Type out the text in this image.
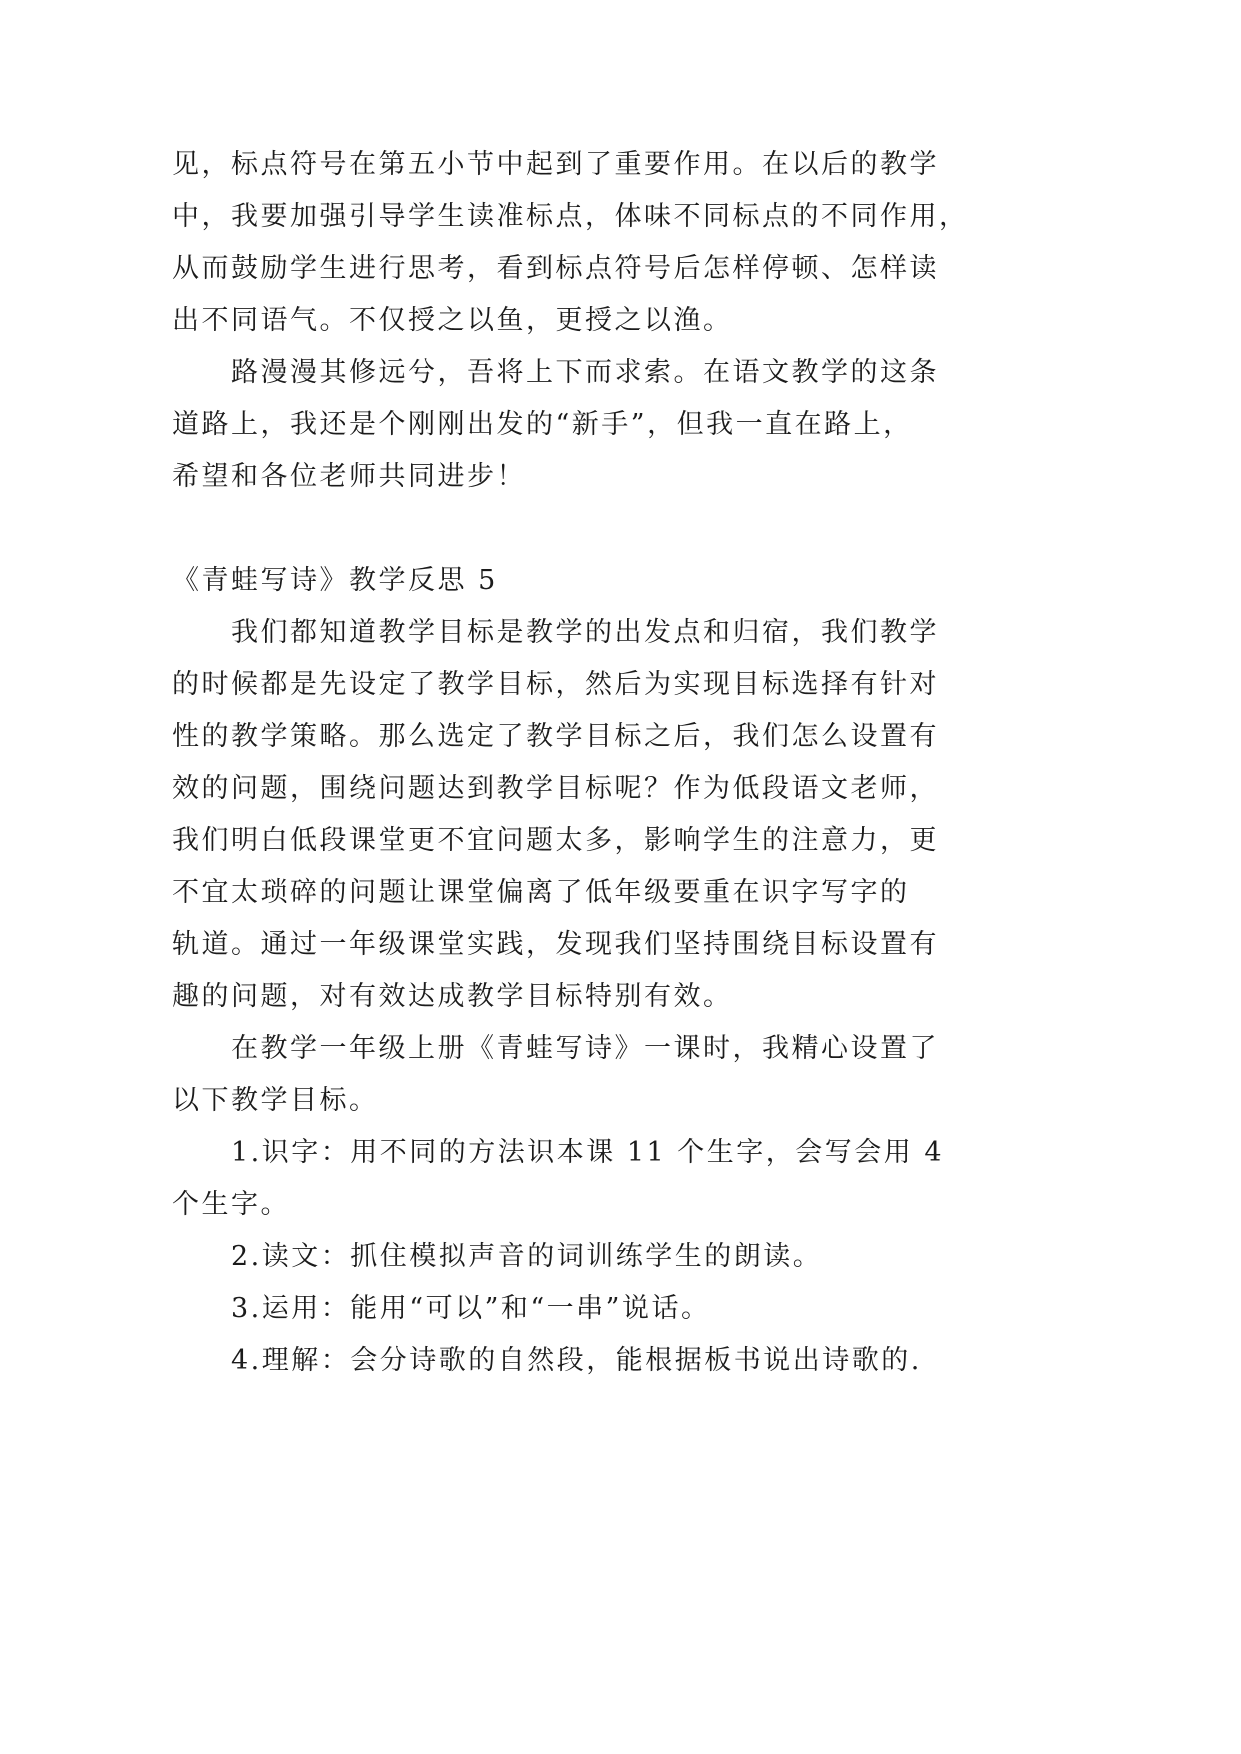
见，标点符号在第五小节中起到了重要作用。在以后的教学
中，我要加强引导学生读准标点，体味不同标点的不同作用，
从而鼓励学生进行思考，看到标点符号后怎样停顿、怎样读
出不同语气。不仅授之以鱼，更授之以渔。
路漫漫其修远兮，吾将上下而求索。在语文教学的这条
道路上，我还是个刚刚出发的“新手”，但我一直在路上，
希望和各位老师共同进步！
《青蛙写诗》教学反思 5
我们都知道教学目标是教学的出发点和归宿，我们教学
的时候都是先设定了教学目标，然后为实现目标选择有针对
性的教学策略。那么选定了教学目标之后，我们怎么设置有
效的问题，围绕问题达到教学目标呢？作为低段语文老师，
我们明白低段课堂更不宜问题太多，影响学生的注意力，更
不宜太琐碎的问题让课堂偏离了低年级要重在识字写字的
轨道。通过一年级课堂实践，发现我们坚持围绕目标设置有
趣的问题，对有效达成教学目标特别有效。
在教学一年级上册《青蛙写诗》一课时，我精心设置了
以下教学目标。
1.识字：用不同的方法识本课 11 个生字，会写会用 4
个生字。
2.读文：抓住模拟声音的词训练学生的朗读。
3.运用：能用“可以”和“一串”说话。
4.理解：会分诗歌的自然段，能根据板书说出诗歌的.
